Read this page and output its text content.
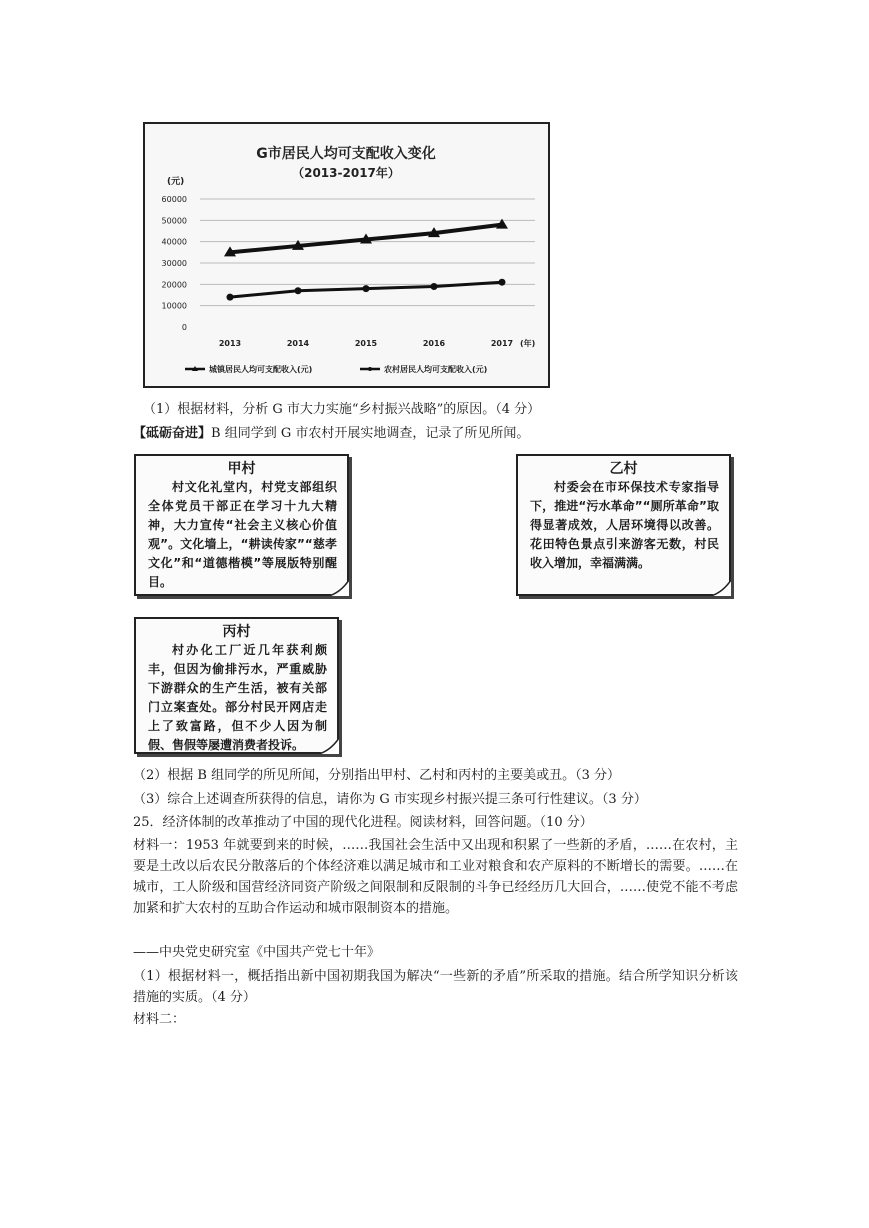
G市居民人均可支配收入变化
（2013-2017年）
(元)
60000
50000
40000
30000
20000
10000
0
2013	2014	2015	2016	2017 (年)
城镇居民人均可支配收入(元)	农村居民人均可支配收入(元)
（1）根据材料，分析 G 市大力实施“乡村振兴战略”的原因。（4 分）
【砥砺奋进】B 组同学到 G 市农村开展实地调查，记录了所见所闻。
甲村
村文化礼堂内，村党支部组织全体党员干部正在学习十九大精神，大力宣传“社会主义核心价值观”。文化墙上，“耕读传家”“慈孝文化”和“道德楷模”等展版特别醒目。
乙村
村委会在市环保技术专家指导下，推进“污水革命”“厕所革命”取得显著成效，人居环境得以改善。花田特色景点引来游客无数，村民收入增加，幸福满满。
丙村
村办化工厂近几年获利颇丰，但因为偷排污水，严重威胁下游群众的生产生活，被有关部门立案查处。部分村民开网店走上了致富路，但不少人因为制假、售假等屡遭消费者投诉。
（2）根据 B 组同学的所见所闻，分别指出甲村、乙村和丙村的主要美或丑。（3 分）
（3）综合上述调查所获得的信息，请你为 G 市实现乡村振兴提三条可行性建议。（3 分）
25．经济体制的改革推动了中国的现代化进程。阅读材料，回答问题。（10 分）
材料一：1953 年就要到来的时候，……我国社会生活中又出现和积累了一些新的矛盾，……在农村，主要是土改以后农民分散落后的个体经济难以满足城市和工业对粮食和农产原料的不断增长的需要。……在城市，工人阶级和国营经济同资产阶级之间限制和反限制的斗争已经经历几大回合，……使党不能不考虑加紧和扩大农村的互助合作运动和城市限制资本的措施。
——中央党史研究室《中国共产党七十年》
（1）根据材料一，概括指出新中国初期我国为解决“一些新的矛盾”所采取的措施。结合所学知识分析该措施的实质。（4 分）
材料二：
